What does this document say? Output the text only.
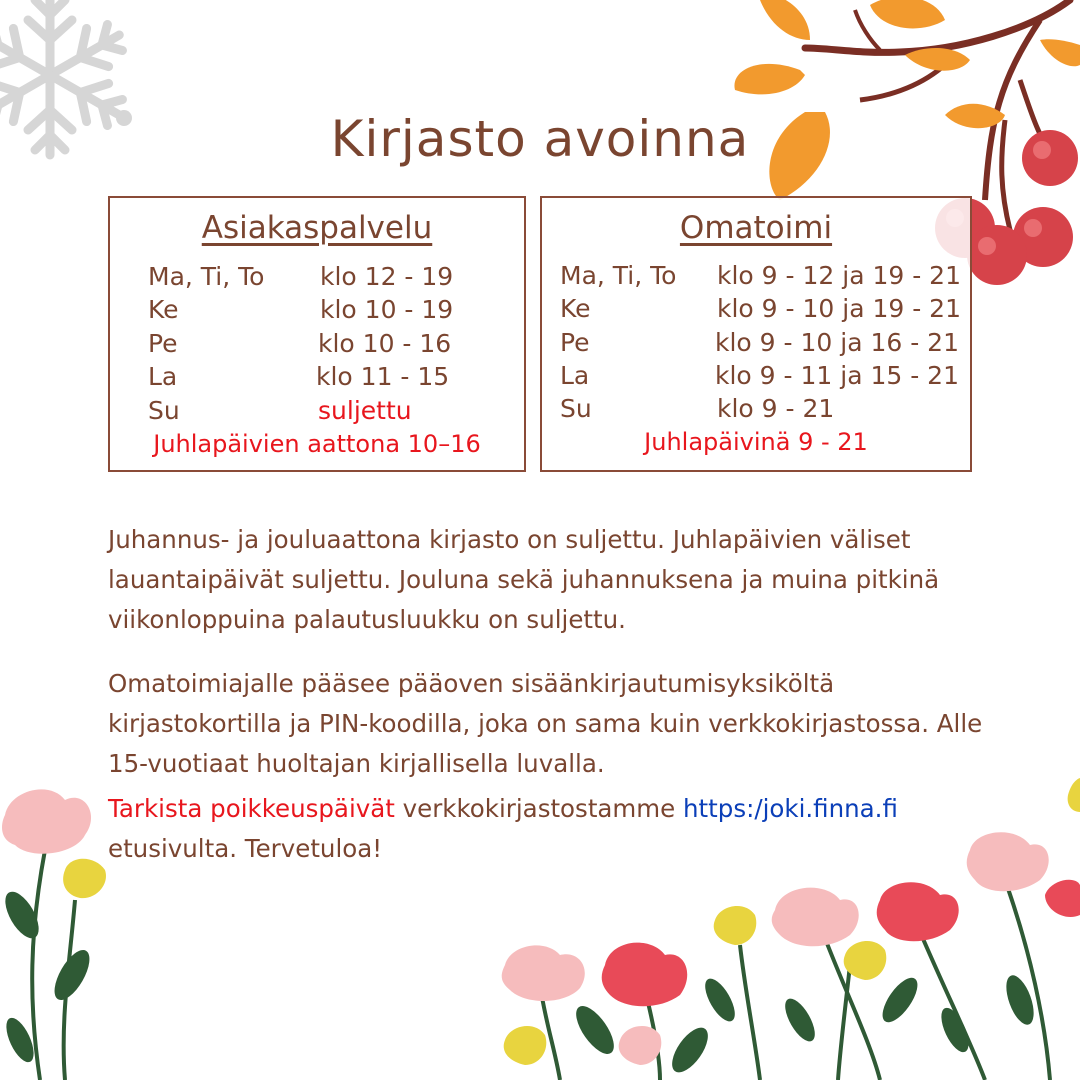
Kirjasto avoinna
Asiakaspalvelu
Ma, Ti, To klo 12 - 19
Ke	klo 10 - 19
Pe	klo 10 - 16
La	klo 11 - 15
Su	suljettu
Juhlapäivien aattona 10–16
Omatoimi
Ma, Ti, To klo 9 - 12 ja 19 - 21
Ke	klo 9 - 10 ja 19 - 21
Pe	klo 9 - 10 ja 16 - 21
La	klo 9 - 11 ja 15 - 21
Su	klo 9 - 21
Juhlapäivinä 9 - 21
Juhannus- ja jouluaattona kirjasto on suljettu. Juhlapäivien väliset lauantaipäivät suljettu. Jouluna sekä juhannuksena ja muina pitkinä viikonloppuina palautusluukku on suljettu.
Omatoimiajalle pääsee pääoven sisäänkirjautumisyksiköltä kirjastokortilla ja PIN-koodilla, joka on sama kuin verkkokirjastossa. Alle 15-vuotiaat huoltajan kirjallisella luvalla.
Tarkista poikkeuspäivät verkkokirjastostamme https:/joki.finna.fi etusivulta. Tervetuloa!
